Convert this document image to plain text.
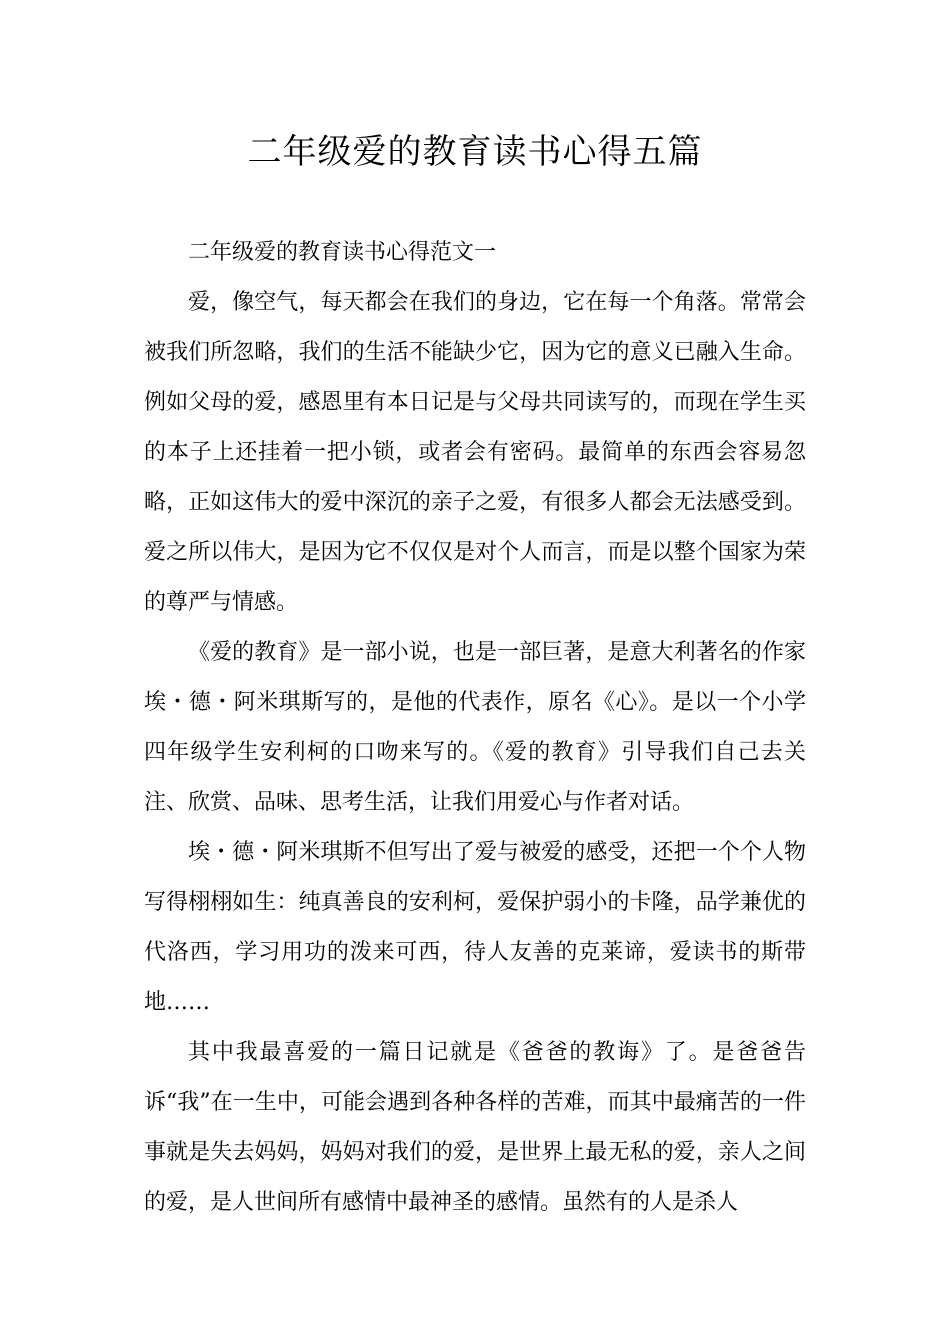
二年级爱的教育读书心得五篇

二年级爱的教育读书心得范文一

爱，像空气，每天都会在我们的身边，它在每一个角落。常常会被我们所忽略，我们的生活不能缺少它，因为它的意义已融入生命。例如父母的爱，感恩里有本日记是与父母共同读写的，而现在学生买的本子上还挂着一把小锁，或者会有密码。最简单的东西会容易忽略，正如这伟大的爱中深沉的亲子之爱，有很多人都会无法感受到。爱之所以伟大，是因为它不仅仅是对个人而言，而是以整个国家为荣的尊严与情感。

《爱的教育》是一部小说，也是一部巨著，是意大利著名的作家埃・德・阿米琪斯写的，是他的代表作，原名《心》。是以一个小学四年级学生安利柯的口吻来写的。《爱的教育》引导我们自己去关注、欣赏、品味、思考生活，让我们用爱心与作者对话。

埃・德・阿米琪斯不但写出了爱与被爱的感受，还把一个个人物写得栩栩如生：纯真善良的安利柯，爱保护弱小的卡隆，品学兼优的代洛西，学习用功的泼来可西，待人友善的克莱谛，爱读书的斯带地……

其中我最喜爱的一篇日记就是《爸爸的教诲》了。是爸爸告诉“我”在一生中，可能会遇到各种各样的苦难，而其中最痛苦的一件事就是失去妈妈，妈妈对我们的爱，是世界上最无私的爱，亲人之间的爱，是人世间所有感情中最神圣的感情。虽然有的人是杀人
